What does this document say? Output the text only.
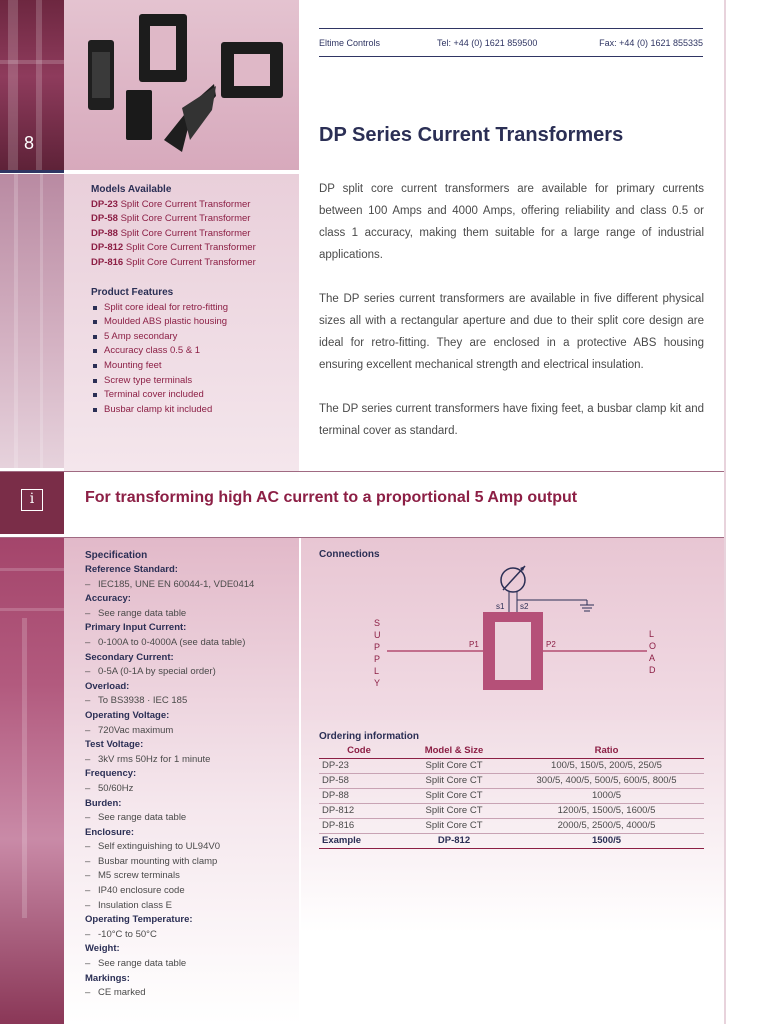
8
i
Eltime Controls	Tel: +44 (0) 1621 859500	Fax: +44 (0) 1621 855335
DP Series Current Transformers

DP split core current transformers are available for primary currents between 100 Amps and 4000 Amps, offering reliability and class 0.5 or class 1 accuracy, making them suitable for a large range of industrial applications.

The DP series current transformers are available in five different physical sizes all with a rectangular aperture and due to their split core design are ideal for retro-fitting. They are enclosed in a protective ABS housing ensuring excellent mechanical strength and electrical insulation.

The DP series current transformers have fixing feet, a busbar clamp kit and terminal cover as standard.

Models Available
DP-23 Split Core Current Transformer
DP-58 Split Core Current Transformer
DP-88 Split Core Current Transformer
DP-812 Split Core Current Transformer
DP-816 Split Core Current Transformer
Product Features
Split core ideal for retro-fitting
Moulded ABS plastic housing
5 Amp secondary
Accuracy class 0.5 & 1
Mounting feet
Screw type terminals
Terminal cover included
Busbar clamp kit included
For transforming high AC current to a proportional 5 Amp output
Specification
Reference Standard:
– IEC185, UNE EN 60044-1, VDE0414
Accuracy:
– See range data table
Primary Input Current:
– 0-100A to 0-4000A (see data table)
Secondary Current:
– 0-5A (0-1A by special order)
Overload:
– To BS3938 · IEC 185
Operating Voltage:
– 720Vac maximum
Test Voltage:
– 3kV rms 50Hz for 1 minute
Frequency:
– 50/60Hz
Burden:
– See range data table
Enclosure:
– Self extinguishing to UL94V0
– Busbar mounting with clamp
– M5 screw terminals
– IP40 enclosure code
– Insulation class E
Operating Temperature:
– -10°C to 50°C
Weight:
– See range data table
Markings:
– CE marked
Connections
s1 s2
P1	P2
S
U
P
P
L
Y
L
O
A
D
Ordering information
Code	Model & Size	Ratio
DP-23	Split Core CT	100/5, 150/5, 200/5, 250/5
DP-58	Split Core CT	300/5, 400/5, 500/5, 600/5, 800/5
DP-88	Split Core CT	1000/5
DP-812	Split Core CT	1200/5, 1500/5, 1600/5
DP-816	Split Core CT	2000/5, 2500/5, 4000/5
Example	DP-812	1500/5
